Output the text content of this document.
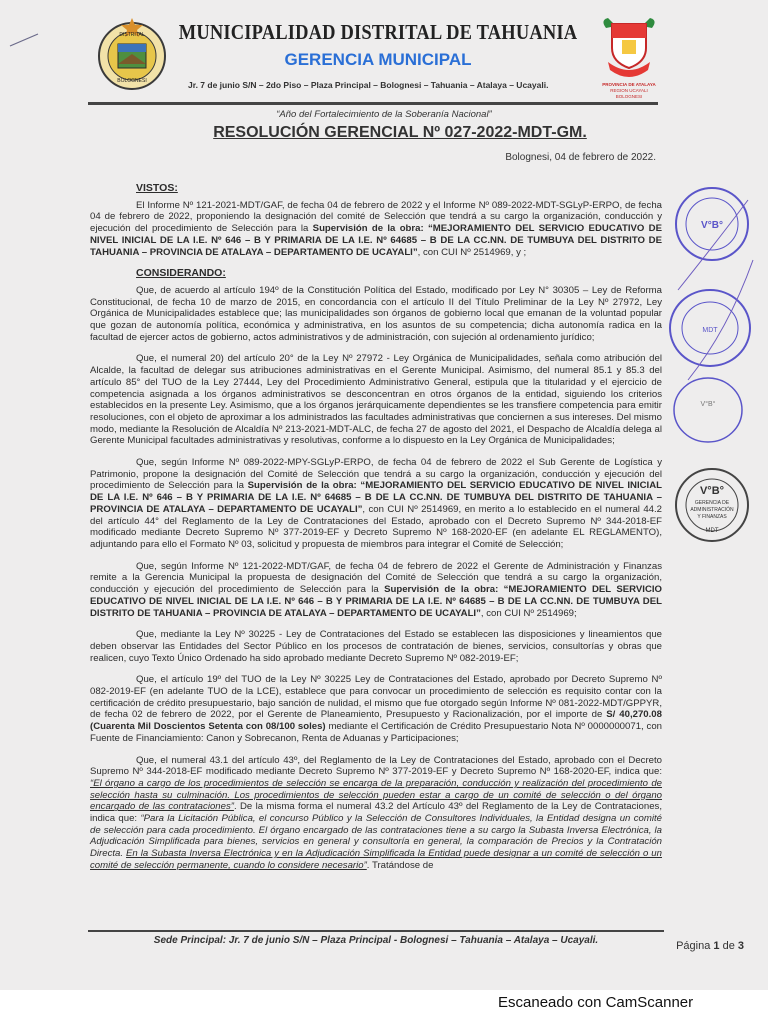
BOLOGNESI
DISTRITAL	MUNICIPALIDAD DISTRITAL DE TAHUANIA
GERENCIA MUNICIPAL
Jr. 7 de junio S/N – 2do Piso – Plaza Principal – Bolognesi – Tahuania – Atalaya – Ucayali.	PROVINCIA DE ATALAYA
REGION UCAYALI
BOLOGNESI
“Año del Fortalecimiento de la Soberanía Nacional”
RESOLUCIÓN GERENCIAL Nº 027-2022-MDT-GM.
Bolognesi, 04 de febrero de 2022.
VISTOS:

El Informe Nº 121-2021-MDT/GAF, de fecha 04 de febrero de 2022 y el Informe Nº 089-2022-MDT-SGLyP-ERPO, de fecha 04 de febrero de 2022, proponiendo la designación del comité de Selección que tendrá a su cargo la organización, conducción y ejecución del procedimiento de Selección para la Supervisión de la obra: “MEJORAMIENTO DEL SERVICIO EDUCATIVO DE NIVEL INICIAL DE LA I.E. Nº 646 – B Y PRIMARIA DE LA I.E. Nº 64685 – B DE LA CC.NN. DE TUMBUYA DEL DISTRITO DE TAHUANIA – PROVINCIA DE ATALAYA – DEPARTAMENTO DE UCAYALI”, con CUI Nº 2514969, y ;

CONSIDERANDO:

Que, de acuerdo al artículo 194º de la Constitución Política del Estado, modificado por Ley N° 30305 – Ley de Reforma Constitucional, de fecha 10 de marzo de 2015, en concordancia con el artículo II del Título Preliminar de la Ley Nº 27972, Ley Orgánica de Municipalidades establece que; las municipalidades son órganos de gobierno local que emanan de la voluntad popular que gozan de autonomía política, económica y administrativa, en los asuntos de su competencia; dicha autonomía radica en la facultad de ejercer actos de gobierno, actos administrativos y de administración, con sujeción al ordenamiento jurídico;

Que, el numeral 20) del artículo 20° de la Ley Nº 27972 - Ley Orgánica de Municipalidades, señala como atribución del Alcalde, la facultad de delegar sus atribuciones administrativas en el Gerente Municipal. Asimismo, del numeral 85.1 y 85.3 del artículo 85° del TUO de la Ley 27444, Ley del Procedimiento Administrativo General, estipula que la titularidad y el ejercicio de competencia asignada a los órganos administrativos se desconcentran en otros órganos de la entidad, siguiendo los criterios establecidos en la presente Ley. Asimismo, que a los órganos jerárquicamente dependientes se les transfiere competencia para emitir resoluciones, con el objeto de aproximar a los administrados las facultades administrativas que conciernen a sus intereses. Del mismo modo, mediante la Resolución de Alcaldía Nº 213-2021-MDT-ALC, de fecha 27 de agosto del 2021, el Despacho de Alcaldía delega al Gerente Municipal facultades administrativas y resolutivas, conforme a lo dispuesto en la Ley Orgánica de Municipalidades;

Que, según Informe Nº 089-2022-MPY-SGLyP-ERPO, de fecha 04 de febrero de 2022 el Sub Gerente de Logística y Patrimonio, propone la designación del Comité de Selección que tendrá a su cargo la organización, conducción y ejecución del procedimiento de Selección para la Supervisión de la obra: “MEJORAMIENTO DEL SERVICIO EDUCATIVO DE NIVEL INICIAL DE LA I.E. Nº 646 – B Y PRIMARIA DE LA I.E. Nº 64685 – B DE LA CC.NN. DE TUMBUYA DEL DISTRITO DE TAHUANIA – PROVINCIA DE ATALAYA – DEPARTAMENTO DE UCAYALI”, con CUI Nº 2514969, en merito a lo establecido en el numeral 44.2 del artículo 44° del Reglamento de la Ley de Contrataciones del Estado, aprobado con el Decreto Supremo Nº 344-2018-EF modificado mediante Decreto Supremo Nº 377-2019-EF y Decreto Supremo Nº 168-2020-EF (en adelante EL REGLAMENTO), adjuntando para ello el Formato Nº 03, solicitud y propuesta de miembros para integrar el Comité de Selección;

Que, según Informe Nº 121-2022-MDT/GAF, de fecha 04 de febrero de 2022 el Gerente de Administración y Finanzas remite a la Gerencia Municipal la propuesta de designación del Comité de Selección que tendrá a su cargo la organización, conducción y ejecución del procedimiento de Selección para la Supervisión de la obra: “MEJORAMIENTO DEL SERVICIO EDUCATIVO DE NIVEL INICIAL DE LA I.E. Nº 646 – B Y PRIMARIA DE LA I.E. Nº 64685 – B DE LA CC.NN. DE TUMBUYA DEL DISTRITO DE TAHUANIA – PROVINCIA DE ATALAYA – DEPARTAMENTO DE UCAYALI”, con CUI Nº 2514969;

Que, mediante la Ley Nº 30225 - Ley de Contrataciones del Estado se establecen las disposiciones y lineamientos que deben observar las Entidades del Sector Público en los procesos de contratación de bienes, servicios, consultorías y obras que realicen, cuyo Texto Único Ordenado ha sido aprobado mediante Decreto Supremo Nº 082-2019-EF;

Que, el artículo 19º del TUO de la Ley Nº 30225 Ley de Contrataciones del Estado, aprobado por Decreto Supremo Nº 082-2019-EF (en adelante TUO de la LCE), establece que para convocar un procedimiento de selección es requisito contar con la certificación de crédito presupuestario, bajo sanción de nulidad, el mismo que fue otorgado según Informe Nº 081-2022-MDT/GPPYR, de fecha 02 de febrero de 2022, por el Gerente de Planeamiento, Presupuesto y Racionalización, por el importe de S/ 40,270.08 (Cuarenta Mil Doscientos Setenta con 08/100 soles) mediante el Certificación de Crédito Presupuestario Nota Nº 0000000071, con Fuente de Financiamiento: Canon y Sobrecanon, Renta de Aduanas y Participaciones;

Que, el numeral 43.1 del artículo 43º, del Reglamento de la Ley de Contrataciones del Estado, aprobado con el Decreto Supremo Nº 344-2018-EF modificado mediante Decreto Supremo Nº 377-2019-EF y Decreto Supremo Nº 168-2020-EF, indica que: “El órgano a cargo de los procedimientos de selección se encarga de la preparación, conducción y realización del procedimiento de selección hasta su culminación. Los procedimientos de selección pueden estar a cargo de un comité de selección o del órgano encargado de las contrataciones”. De la misma forma el numeral 43.2 del Artículo 43º del Reglamento de la Ley de Contrataciones, indica que: “Para la Licitación Pública, el concurso Público y la Selección de Consultores Individuales, la Entidad designa un comité de selección para cada procedimiento. El órgano encargado de las contrataciones tiene a su cargo la Subasta Inversa Electrónica, la Adjudicación Simplificada para bienes, servicios en general y consultoría en general, la comparación de Precios y la Contratación Directa. En la Subasta Inversa Electrónica y en la Adjudicación Simplificada la Entidad puede designar a un comité de selección o un comité de selección permanente, cuando lo considere necesario”. Tratándose de

V°B°
MDT
V°B°
V°B°
GERENCIA DE
ADMINISTRACIÓN
Y FINANZAS
MDT
Sede Principal: Jr. 7 de junio S/N – Plaza Principal - Bolognesi – Tahuania – Atalaya – Ucayali.	Página 1 de 3
Escaneado con CamScanner
